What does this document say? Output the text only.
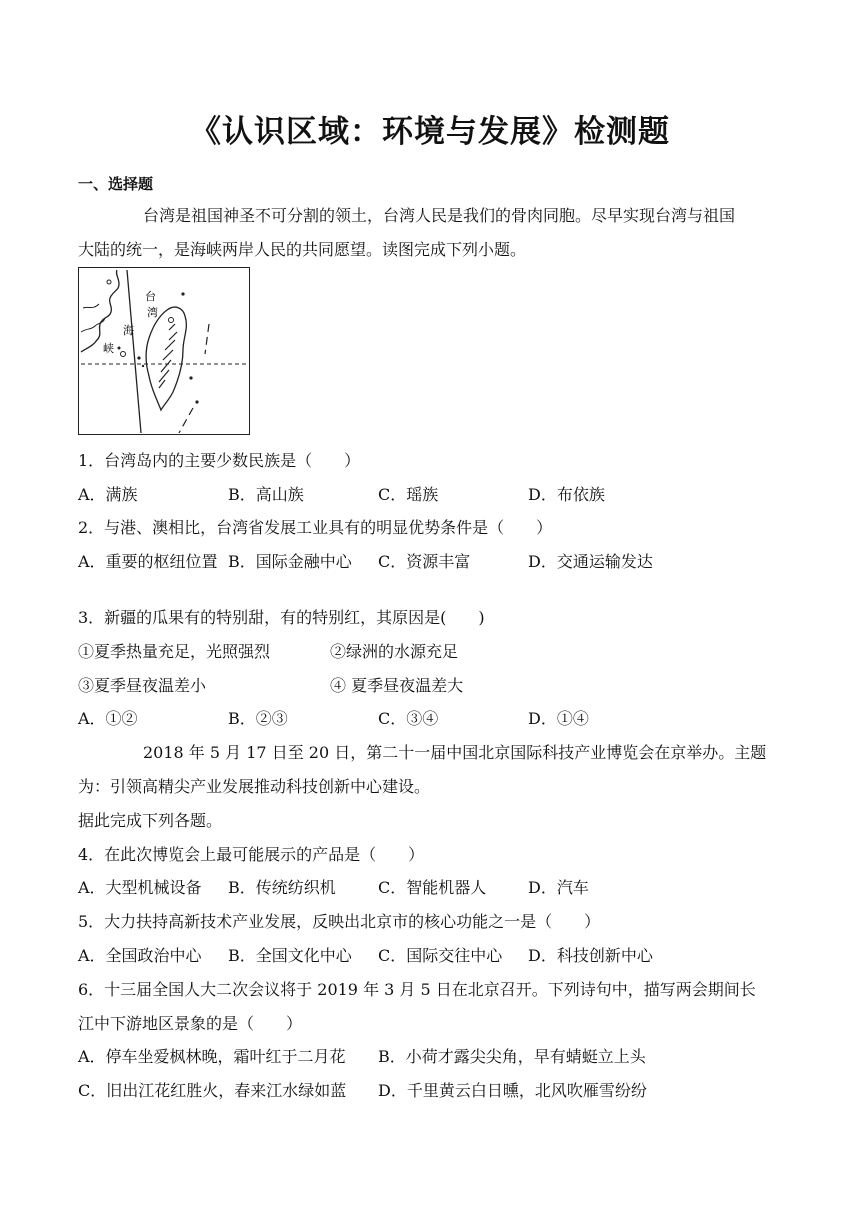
《认识区域：环境与发展》检测题
一、选择题
台湾是祖国神圣不可分割的领土，台湾人民是我们的骨肉同胞。尽早实现台湾与祖国
大陆的统一，是海峡两岸人民的共同愿望。读图完成下列小题。
台
湾
海
峡
1．台湾岛内的主要少数民族是（　　）
A．满族	B．高山族	C．瑶族	D．布依族
2．与港、澳相比，台湾省发展工业具有的明显优势条件是（　　）
A．重要的枢纽位置 B．国际金融中心 C．资源丰富	D．交通运输发达
3．新疆的瓜果有的特别甜，有的特别红，其原因是(　　)
①夏季热量充足，光照强烈	②绿洲的水源充足
③夏季昼夜温差小	④ 夏季昼夜温差大
A．①②	B．②③	C．③④	D．①④
2018 年 5 月 17 日至 20 日，第二十一届中国北京国际科技产业博览会在京举办。主题
为：引领高精尖产业发展推动科技创新中心建设。
据此完成下列各题。
4．在此次博览会上最可能展示的产品是（　　）
A．大型机械设备 B．传统纺织机	C．智能机器人	D．汽车
5．大力扶持高新技术产业发展，反映出北京市的核心功能之一是（　　）
A．全国政治中心 B．全国文化中心 C．国际交往中心 D．科技创新中心
6．十三届全国人大二次会议将于 2019 年 3 月 5 日在北京召开。下列诗句中，描写两会期间长
江中下游地区景象的是（　　）
A．停车坐爱枫林晚，霜叶红于二月花 B．小荷才露尖尖角，早有蜻蜓立上头
C．旧出江花红胜火，春来江水绿如蓝 D．千里黄云白日曛，北风吹雁雪纷纷
